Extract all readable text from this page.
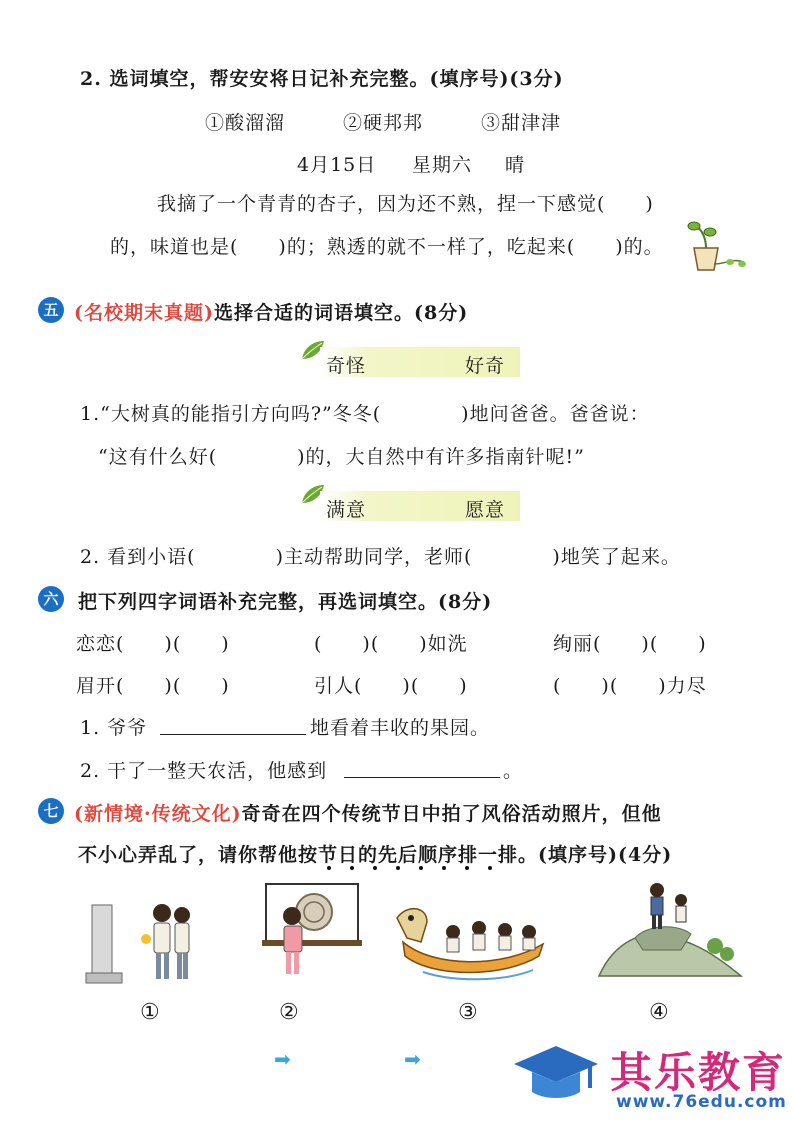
2. 选词填空，帮安安将日记补充完整。(填序号)(3分)
①酸溜溜	②硬邦邦	③甜津津
4月15日 星期六 晴
我摘了一个青青的杏子，因为还不熟，捏一下感觉(　　)
的，味道也是(　　)的；熟透的就不一样了，吃起来(　　)的。
五 (名校期末真题)选择合适的词语填空。(8分)
奇怪	好奇
1.“大树真的能指引方向吗?”冬冬(　　　　)地问爸爸。爸爸说：
“这有什么好(　　　　)的，大自然中有许多指南针呢!”
满意	愿意
2. 看到小语(　　　　)主动帮助同学，老师(　　　　)地笑了起来。
六 把下列四字词语补充完整，再选词填空。(8分)
恋恋(　　)(　　)	(　　)(　　)如洗	绚丽(　　)(　　)
眉开(　　)(　　)	引人(　　)(　　)	(　　)(　　)力尽
1. 爷爷	地看着丰收的果园。
2. 干了一整天农活，他感到	。
七 (新情境·传统文化)奇奇在四个传统节日中拍了风俗活动照片，但他
不小心弄乱了，请你帮他按节日的先后顺序排一排。(填序号)(4分)
①	②	③	④
➡	➡	其乐教育
www.76edu.com
